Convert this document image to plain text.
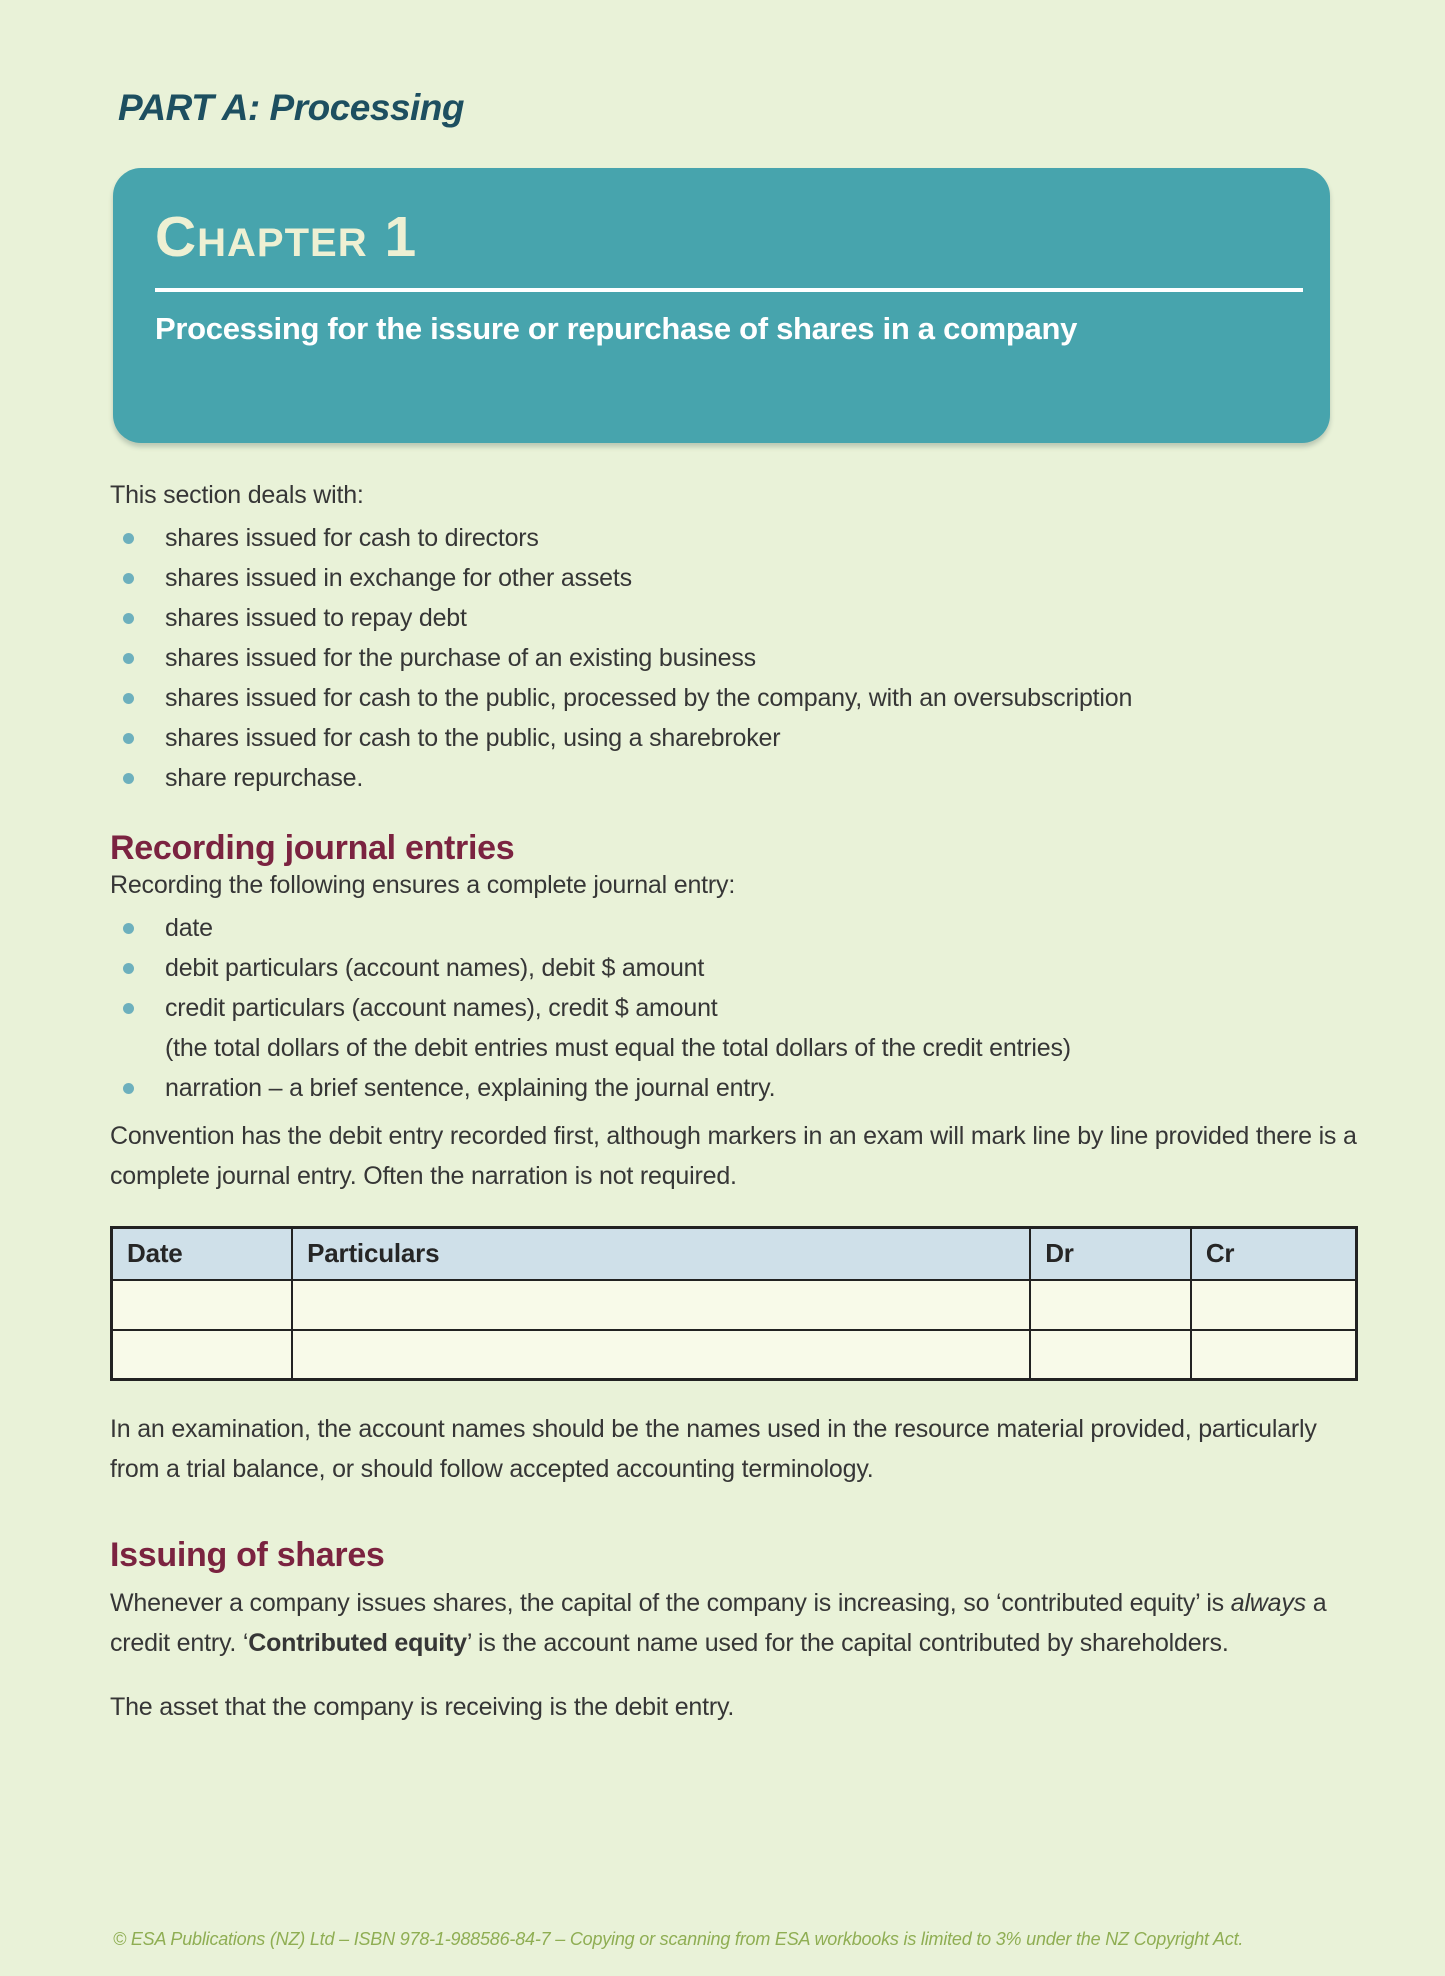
PART A: Processing
Chapter 1
Processing for the issure or repurchase of shares in a company
This section deals with:
shares issued for cash to directors
shares issued in exchange for other assets
shares issued to repay debt
shares issued for the purchase of an existing business
shares issued for cash to the public, processed by the company, with an oversubscription
shares issued for cash to the public, using a sharebroker
share repurchase.
Recording journal entries
Recording the following ensures a complete journal entry:
date
debit particulars (account names), debit $ amount
credit particulars (account names), credit $ amount
(the total dollars of the debit entries must equal the total dollars of the credit entries)
narration – a brief sentence, explaining the journal entry.

Convention has the debit entry recorded first, although markers in an exam will mark line by line provided there is a complete journal entry. Often the narration is not required.

Date	Particulars	Dr	Cr

In an examination, the account names should be the names used in the resource material provided, particularly from a trial balance, or should follow accepted accounting terminology.

Issuing of shares

Whenever a company issues shares, the capital of the company is increasing, so ‘contributed equity’ is always a credit entry. ‘Contributed equity’ is the account name used for the capital contributed by shareholders.

The asset that the company is receiving is the debit entry.

© ESA Publications (NZ) Ltd – ISBN 978-1-988586-84-7 – Copying or scanning from ESA workbooks is limited to 3% under the NZ Copyright Act.
